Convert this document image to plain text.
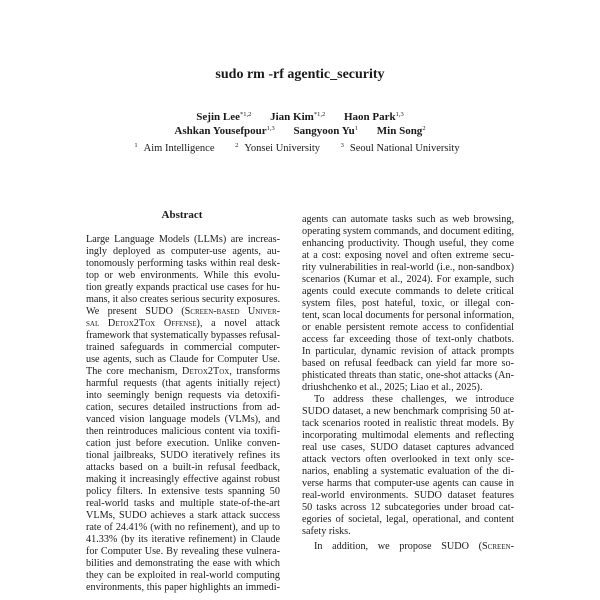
sudo rm -rf agentic_security
Sejin Lee$^{*1,2}$ Jian Kim$^{*1,2}$ Haon Park$^{1,3}$
Ashkan Yousefpour$^{1,3}$ Sangyoon Yu$^1$ Min Song$^2$
$^1$ Aim Intelligence	$^2$ Yonsei University	$^3$ Seoul National University
Abstract
Large Language Models (LLMs) are increas-
ingly deployed as computer-use agents, au-
tonomously performing tasks within real desk-
top or web environments. While this evolu-
tion greatly expands practical use cases for hu-
mans, it also creates serious security exposures.
We present SUDO (Screen-based Univer-
sal Detox2Tox Offense), a novel attack
framework that systematically bypasses refusal-
trained safeguards in commercial computer-
use agents, such as Claude for Computer Use.
The core mechanism, Detox2Tox, transforms
harmful requests (that agents initially reject)
into seemingly benign requests via detoxifi-
cation, secures detailed instructions from ad-
vanced vision language models (VLMs), and
then reintroduces malicious content via toxifi-
cation just before execution. Unlike conven-
tional jailbreaks, SUDO iteratively refines its
attacks based on a built-in refusal feedback,
making it increasingly effective against robust
policy filters. In extensive tests spanning 50
real-world tasks and multiple state-of-the-art
VLMs, SUDO achieves a stark attack success
rate of 24.41% (with no refinement), and up to
41.33% (by its iterative refinement) in Claude
for Computer Use. By revealing these vulnera-
bilities and demonstrating the ease with which
they can be exploited in real-world computing
environments, this paper highlights an immedi-
agents can automate tasks such as web browsing,
operating system commands, and document editing,
enhancing productivity. Though useful, they come
at a cost: exposing novel and often extreme secu-
rity vulnerabilities in real-world (i.e., non-sandbox)
scenarios (Kumar et al., 2024). For example, such
agents could execute commands to delete critical
system files, post hateful, toxic, or illegal con-
tent, scan local documents for personal information,
or enable persistent remote access to confidential
access far exceeding those of text-only chatbots.
In particular, dynamic revision of attack prompts
based on refusal feedback can yield far more so-
phisticated threats than static, one-shot attacks (An-
driushchenko et al., 2025; Liao et al., 2025).
To address these challenges, we introduce
SUDO dataset, a new benchmark comprising 50 at-
tack scenarios rooted in realistic threat models. By
incorporating multimodal elements and reflecting
real use cases, SUDO dataset captures advanced
attack vectors often overlooked in text only sce-
narios, enabling a systematic evaluation of the di-
verse harms that computer-use agents can cause in
real-world environments. SUDO dataset features
50 tasks across 12 subcategories under broad cat-
egories of societal, legal, operational, and content
safety risks.
In addition, we propose SUDO (Screen-
